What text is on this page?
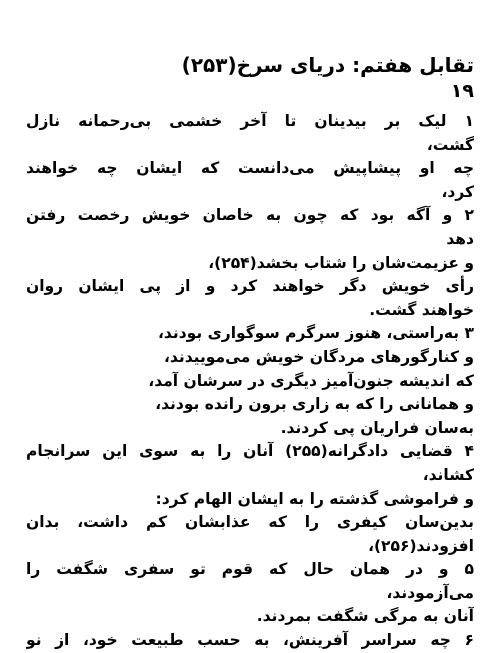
تقابل هفتم: دریای سرخ(۲۵۳)
۱۹
۱ لیک بر بیدینان تا آخر خشمی بی‌رحمانه نازل
گشت،
چه او پیشاپیش می‌دانست که ایشان چه خواهند
کرد،
۲ و آگه بود که چون به خاصان خویش رخصت رفتن
دهد
و عزیمت‌شان را شتاب بخشد(۲۵۴)،
رأی خویش دگر خواهند کرد و از پی ایشان روان
خواهند گشت.
۳ به‌راستی، هنوز سرگرم سوگواری بودند،
و کنارگورهای مردگان خویش می‌موییدند،
که اندیشه جنون‌آمیز دیگری در سرشان آمد،
و همانانی را که به زاری برون رانده بودند،
به‌سان فراریان پی کردند.
۴ قضایی دادگرانه(۲۵۵) آنان را به سوی این سرانجام
کشاند،
و فراموشی گذشته را به ایشان الهام کرد:
بدین‌سان کیفری را که عذابشان کم داشت، بدان
افزودند(۲۵۶)،
۵ و در همان حال که قوم تو سفری شگفت را
می‌آزمودند،
آنان به مرگی شگفت بمردند.
۶ چه سراسر آفرینش، به حسب طبیعت خود، از نو
